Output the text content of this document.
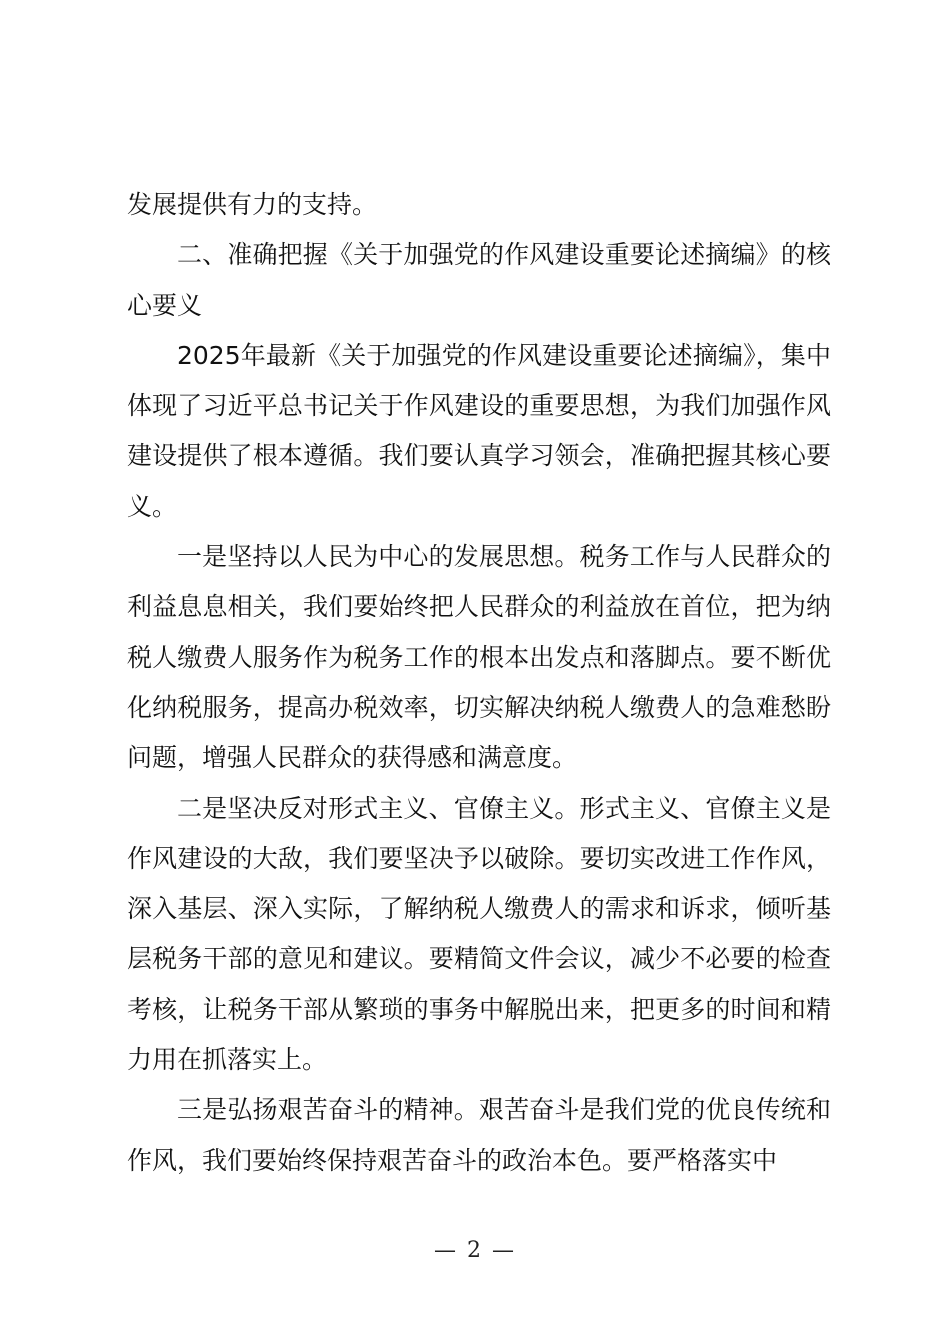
发展提供有力的支持。

二、准确把握《关于加强党的作风建设重要论述摘编》的核心要义

2025年最新《关于加强党的作风建设重要论述摘编》，集中体现了习近平总书记关于作风建设的重要思想，为我们加强作风建设提供了根本遵循。我们要认真学习领会，准确把握其核心要义。

一是坚持以人民为中心的发展思想。税务工作与人民群众的利益息息相关，我们要始终把人民群众的利益放在首位，把为纳税人缴费人服务作为税务工作的根本出发点和落脚点。要不断优化纳税服务，提高办税效率，切实解决纳税人缴费人的急难愁盼问题，增强人民群众的获得感和满意度。

二是坚决反对形式主义、官僚主义。形式主义、官僚主义是作风建设的大敌，我们要坚决予以破除。要切实改进工作作风，深入基层、深入实际，了解纳税人缴费人的需求和诉求，倾听基层税务干部的意见和建议。要精简文件会议，减少不必要的检查考核，让税务干部从繁琐的事务中解脱出来，把更多的时间和精力用在抓落实上。

三是弘扬艰苦奋斗的精神。艰苦奋斗是我们党的优良传统和作风，我们要始终保持艰苦奋斗的政治本色。要严格落实中

— 2 —
